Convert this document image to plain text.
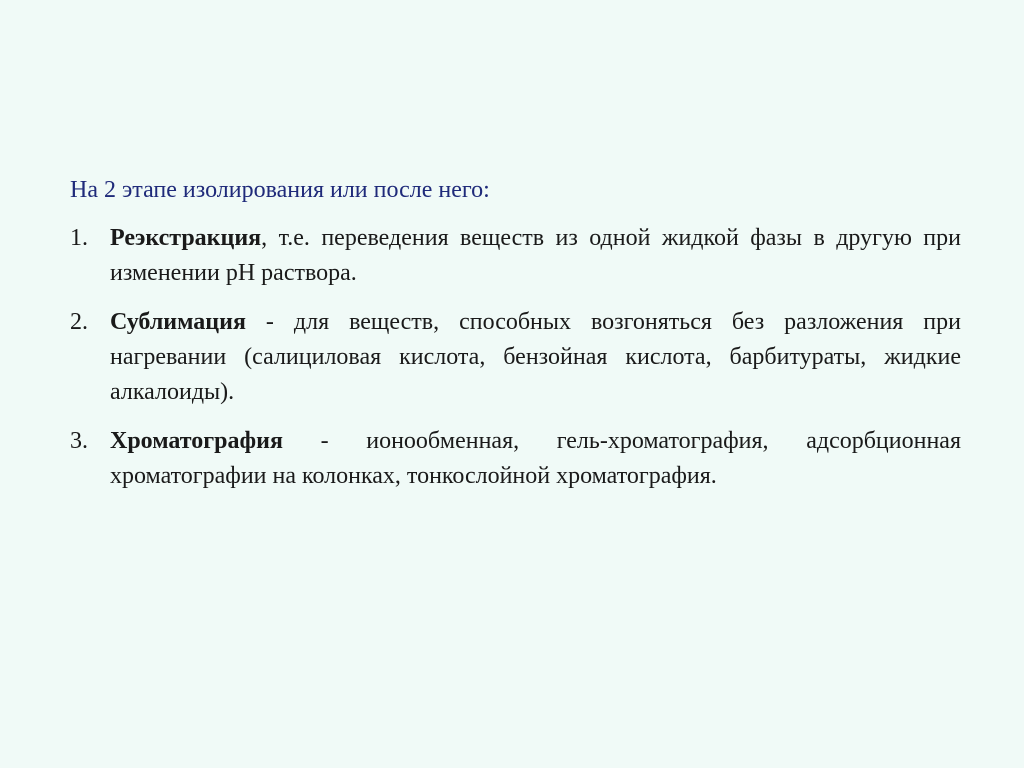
На 2 этапе изолирования или после него:

1. Реэкстракция, т.е. переведения веществ из одной жидкой фазы в другую при изменении pH раствора.
2. Сублимация - для веществ, способных возгоняться без разложения при нагревании (салициловая кислота, бензойная кислота, барбитураты, жидкие алкалоиды).
3. Хроматография - ионообменная, гель-хроматография, адсорбционная хроматографии на колонках, тонкослойной хроматография.
